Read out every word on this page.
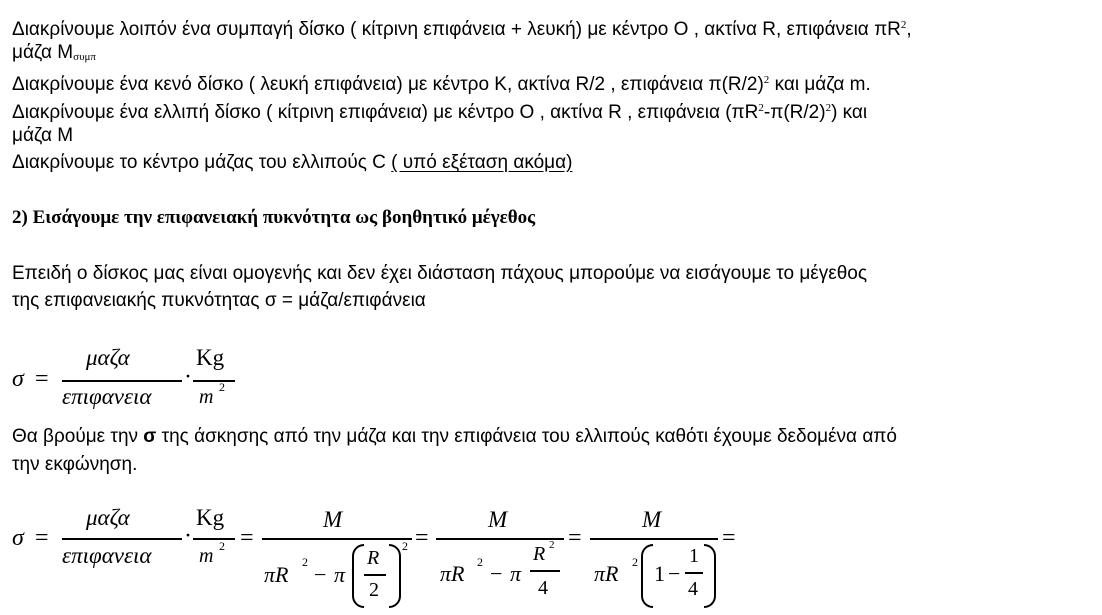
Διακρίνουμε λοιπόν ένα συμπαγή δίσκο ( κίτρινη επιφάνεια + λευκή) με κέντρο Ο , ακτίνα R, επιφάνεια $\pi R^2$,
μάζα Μσυμπ
Διακρίνουμε ένα κενό δίσκο ( λευκή επιφάνεια) με κέντρο Κ, ακτίνα R/2 , επιφάνεια $\pi(R/2)^2$ και μάζα m.
Διακρίνουμε ένα ελλιπή δίσκο ( κίτρινη επιφάνεια) με κέντρο Ο , ακτίνα R , επιφάνεια $(\pi R^2-\pi(R/2)^2)$ και
μάζα M
Διακρίνουμε το κέντρο μάζας του ελλιπούς C ( υπό εξέταση ακόμα)
2) Εισάγουμε την επιφανειακή πυκνότητα ως βοηθητικό μέγεθος
Επειδή ο δίσκος μας είναι ομογενής και δεν έχει διάσταση πάχους μπορούμε να εισάγουμε το μέγεθος
της επιφανειακής πυκνότητας σ = μάζα/επιφάνεια
σ =
μαζα
επιφανεια
·
Kg
m 2
Θα βρούμε την σ της άσκησης από την μάζα και την επιφάνεια του ελλιπούς καθότι έχουμε δεδομένα από
την εκφώνηση.
σ =
μαζα
επιφανεια
·
Kg
m 2 =
M
πR 2 − π
R
2
2 =
M
πR 2 − π
R 2
4
=
M
πR 2 1 −
1
4
=
